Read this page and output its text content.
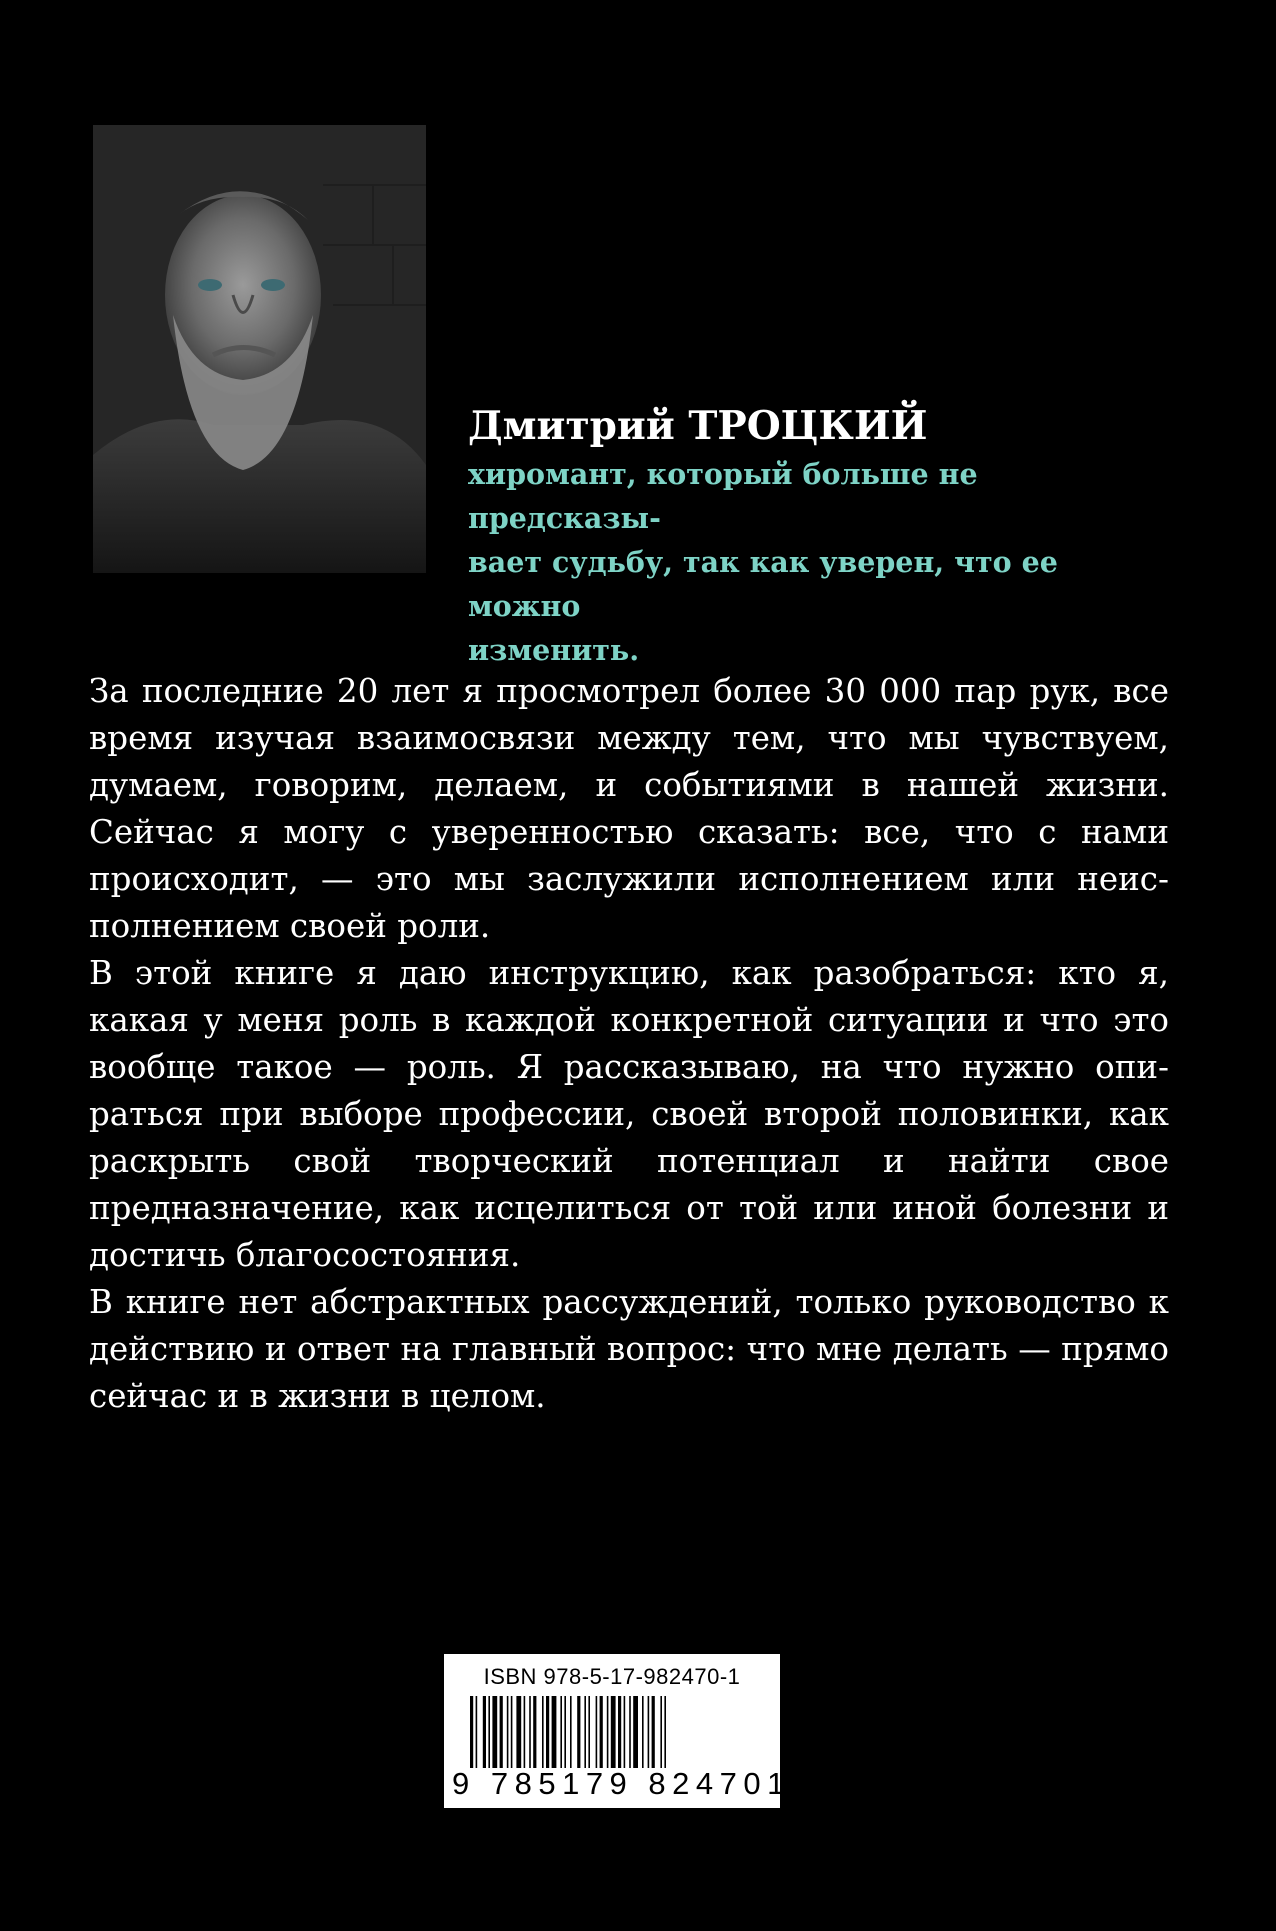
Дмитрий ТРОЦКИЙ

хиромант, который больше не предсказы-

вает судьбу, так как уверен, что ее можно

изменить.

За последние 20 лет я просмотрел более 30 000 пар рук, все время изучая взаимосвязи между тем, что мы чувствуем, думаем, говорим, делаем, и событиями в нашей жизни. Сейчас я могу с уверенностью сказать: все, что с нами происходит, — это мы заслужили исполнением или неисполнением своей роли.

В этой книге я даю инструкцию, как разобраться: кто я, какая у меня роль в каждой конкретной ситуации и что это вообще такое — роль. Я рассказываю, на что нужно опираться при выборе профессии, своей второй половинки, как раскрыть свой творческий потенциал и найти свое предназначение, как исцелиться от той или иной болезни и достичь благосостояния.

В книге нет абстрактных рассуждений, только руководство к действию и ответ на главный вопрос: что мне делать — прямо сейчас и в жизни в целом.

ISBN 978-5-17-982470-1
9 785179 824701
